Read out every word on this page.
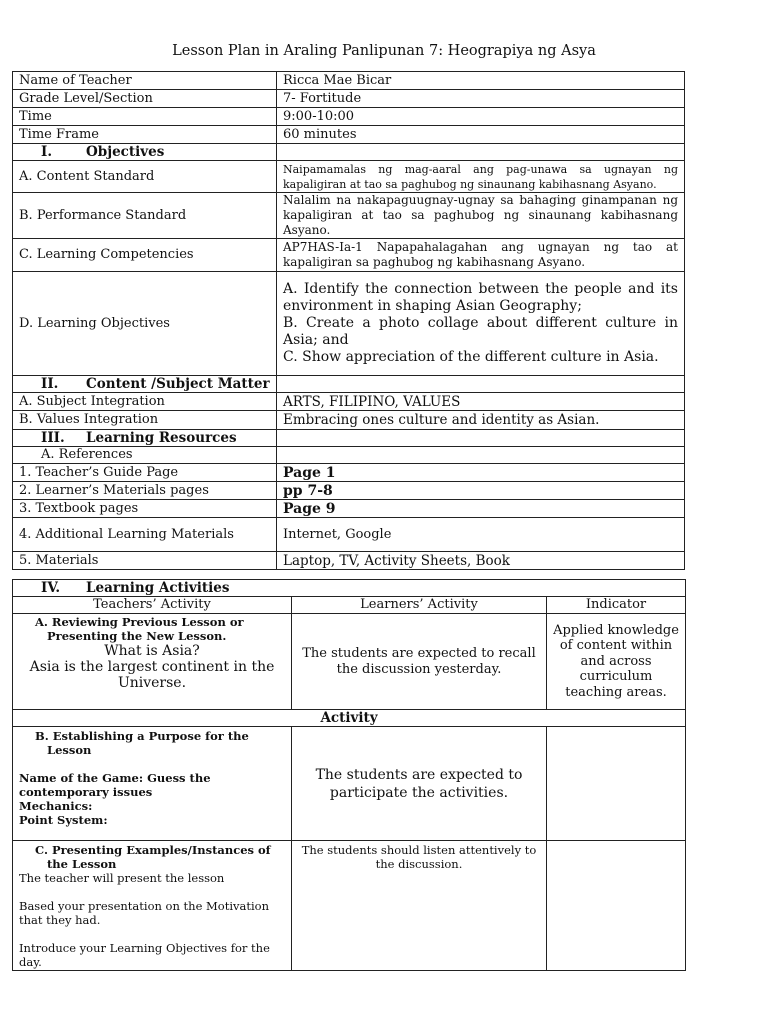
Lesson Plan in Araling Panlipunan 7: Heograpiya ng Asya
Name of Teacher	Ricca Mae Bicar
Grade Level/Section	7- Fortitude
Time	9:00-10:00
Time Frame	60 minutes
I. Objectives	
A. Content Standard	Naipamamalas ng mag-aaral ang pag-unawa sa ugnayan ng kapaligiran at tao sa paghubog ng sinaunang kabihasnang Asyano.
B. Performance Standard	Nalalim na nakapaguugnay-ugnay sa bahaging ginampanan ng kapaligiran at tao sa paghubog ng sinaunang kabihasnang Asyano.
C. Learning Competencies	AP7HAS-Ia-1 Napapahalagahan ang ugnayan ng tao at kapaligiran sa paghubog ng kabihasnang Asyano.
D. Learning Objectives	A. Identify the connection between the people and its environment in shaping Asian Geography;
B. Create a photo collage about different culture in Asia; and
C. Show appreciation of the different culture in Asia.

II. Content /Subject Matter	
A. Subject Integration	ARTS, FILIPINO, VALUES
B. Values Integration	Embracing ones culture and identity as Asian.
III. Learning Resources	
A. References	
1. Teacher’s Guide Page	Page 1
2. Learner’s Materials pages	pp 7-8
3. Textbook pages	Page 9
4. Additional Learning Materials	Internet, Google
5. Materials	Laptop, TV, Activity Sheets, Book
IV. Learning Activities		
Teachers’ Activity	Learners’ Activity	Indicator

A. Reviewing Previous Lesson or Presenting the New Lesson.
What is Asia?
Asia is the largest continent in the Universe.	The students are expected to recall the discussion yesterday.	Applied knowledge of content within and across curriculum teaching areas.
Activity		

B. Establishing a Purpose for the Lesson
Name of the Game: Guess the contemporary issues
Mechanics:
Point System:	The students are expected to participate the activities.	

C. Presenting Examples/Instances of the Lesson
The teacher will present the lesson
Based your presentation on the Motivation that they had.
Introduce your Learning Objectives for the day.	The students should listen attentively to the discussion.	
